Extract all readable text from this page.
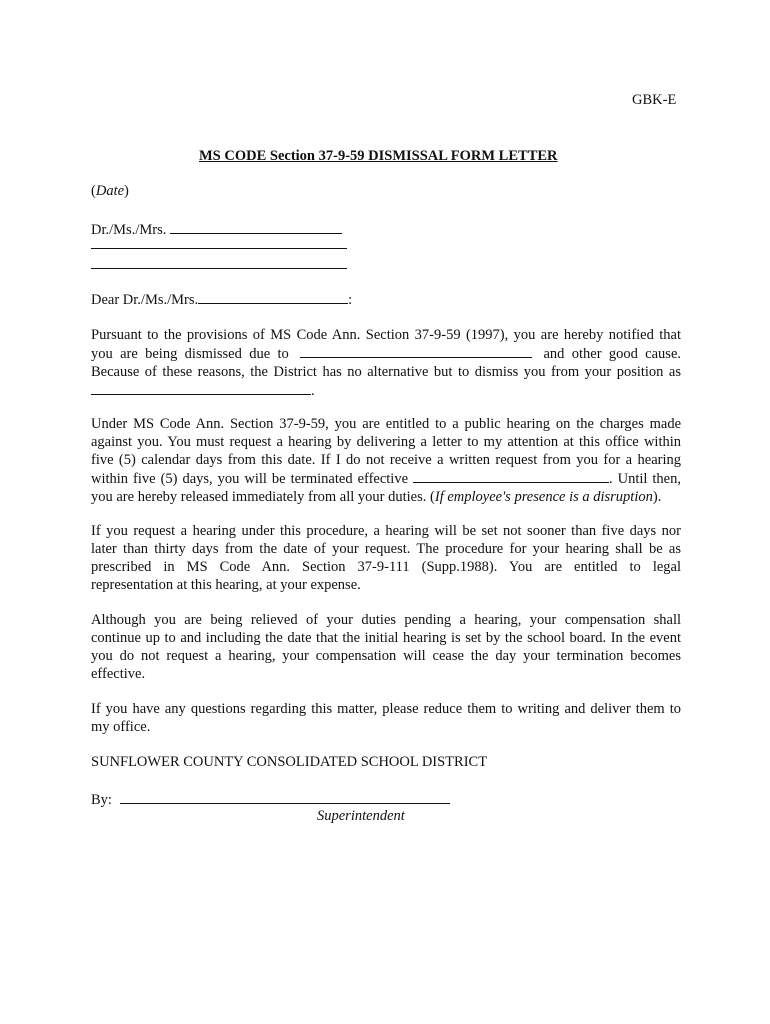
GBK-E
MS CODE Section 37-9-59 DISMISSAL FORM LETTER
(Date)
Dr./Ms./Mrs.
Dear Dr./Ms./Mrs.	:
Pursuant to the provisions of MS Code Ann. Section 37-9-59 (1997), you are hereby notified that
you are being dismissed due to	and other good cause.
Because of these reasons, the District has no alternative but to dismiss you from your position as
.
Under MS Code Ann. Section 37-9-59, you are entitled to a public hearing on the charges made
against you. You must request a hearing by delivering a letter to my attention at this office within
five (5) calendar days from this date. If I do not receive a written request from you for a hearing
within five (5) days, you will be terminated effective	. Until then,
you are hereby released immediately from all your duties. (If employee's presence is a disruption).
If you request a hearing under this procedure, a hearing will be set not sooner than five days nor
later than thirty days from the date of your request. The procedure for your hearing shall be as
prescribed in MS Code Ann. Section 37-9-111 (Supp.1988). You are entitled to legal
representation at this hearing, at your expense.
Although you are being relieved of your duties pending a hearing, your compensation shall
continue up to and including the date that the initial hearing is set by the school board. In the event
you do not request a hearing, your compensation will cease the day your termination becomes
effective.
If you have any questions regarding this matter, please reduce them to writing and deliver them to
my office.
SUNFLOWER COUNTY CONSOLIDATED SCHOOL DISTRICT
By:
Superintendent
